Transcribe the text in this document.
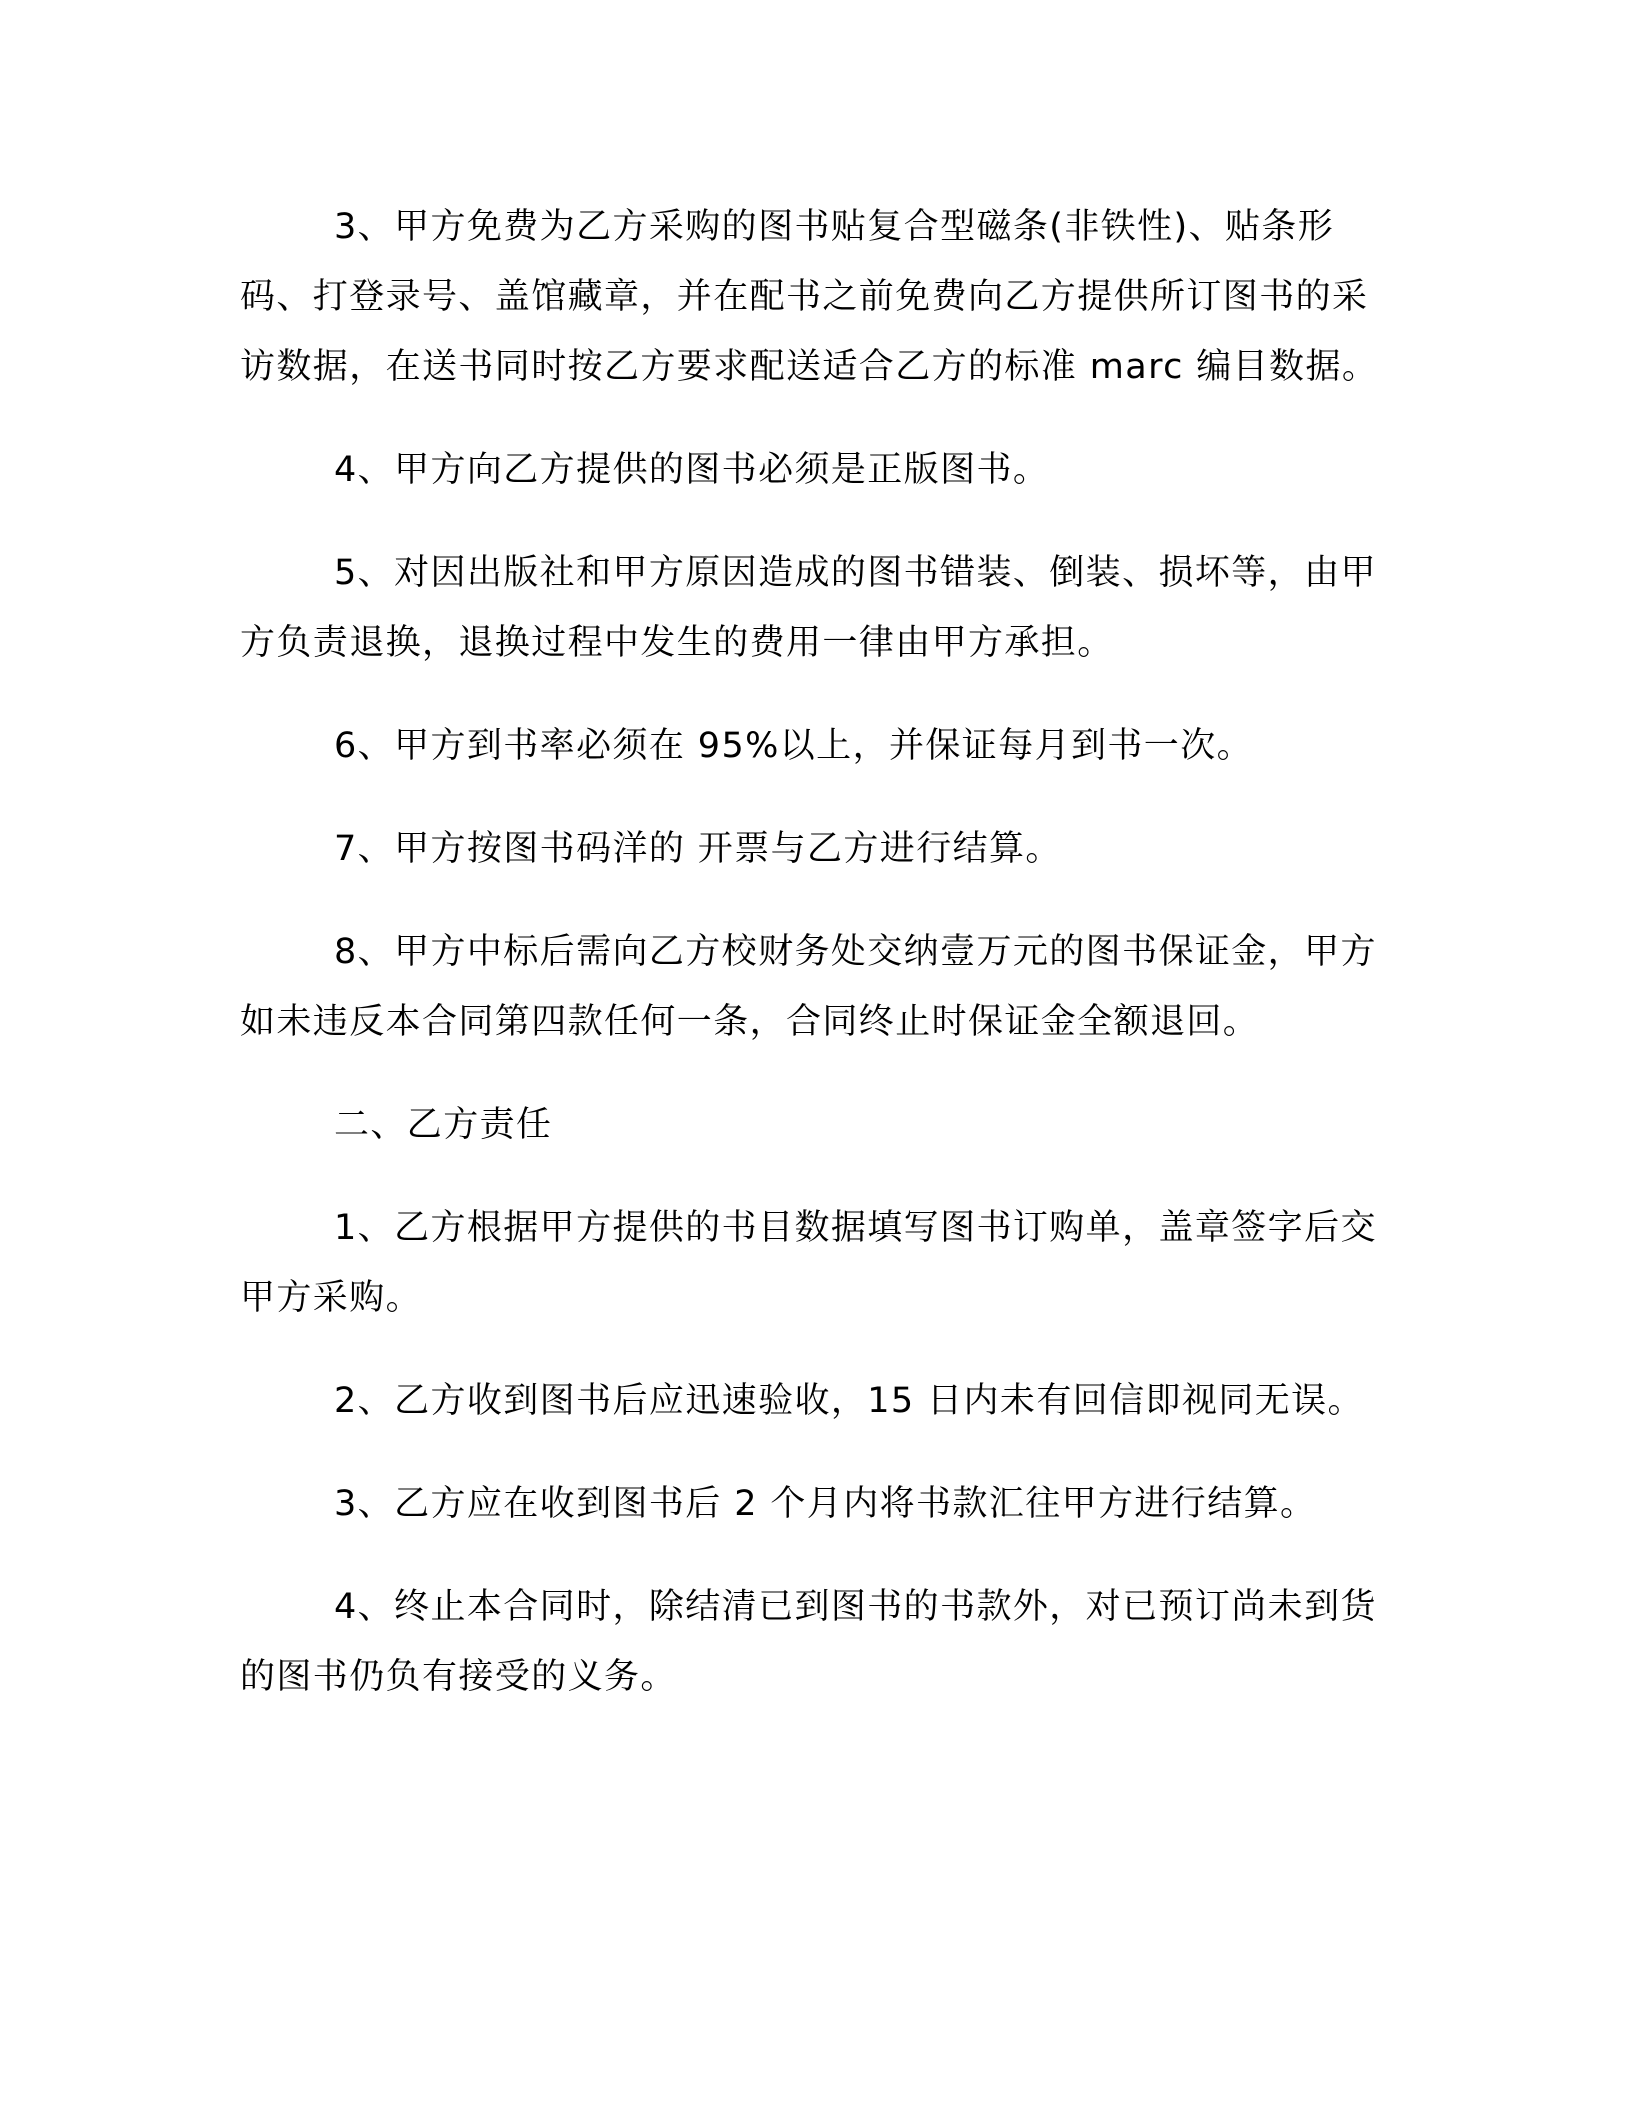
3、甲方免费为乙方采购的图书贴复合型磁条(非铁性)、贴条形码、打登录号、盖馆藏章，并在配书之前免费向乙方提供所订图书的采访数据，在送书同时按乙方要求配送适合乙方的标准 marc 编目数据。

4、甲方向乙方提供的图书必须是正版图书。

5、对因出版社和甲方原因造成的图书错装、倒装、损坏等，由甲方负责退换，退换过程中发生的费用一律由甲方承担。

6、甲方到书率必须在 95%以上，并保证每月到书一次。

7、甲方按图书码洋的 开票与乙方进行结算。

8、甲方中标后需向乙方校财务处交纳壹万元的图书保证金，甲方如未违反本合同第四款任何一条，合同终止时保证金全额退回。

二、乙方责任

1、乙方根据甲方提供的书目数据填写图书订购单，盖章签字后交甲方采购。

2、乙方收到图书后应迅速验收，15 日内未有回信即视同无误。

3、乙方应在收到图书后 2 个月内将书款汇往甲方进行结算。

4、终止本合同时，除结清已到图书的书款外，对已预订尚未到货的图书仍负有接受的义务。
